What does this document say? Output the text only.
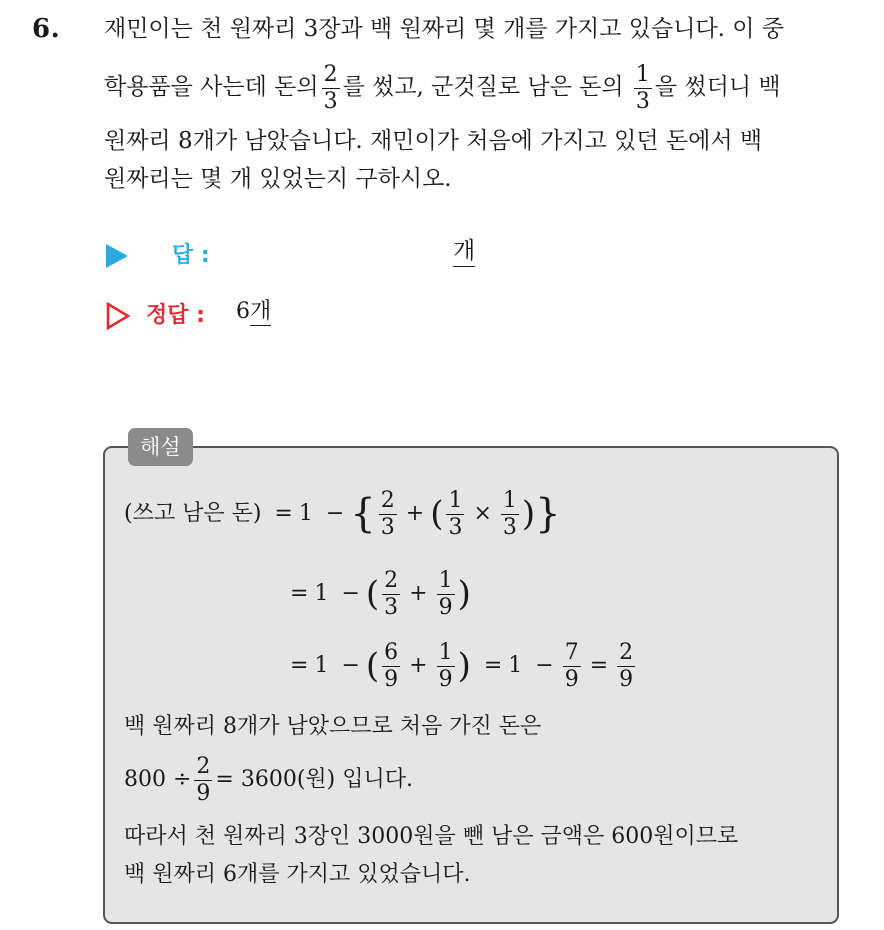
6. 재민이는 천 원짜리 3장과 백 원짜리 몇 개를 가지고 있습니다. 이 중
학용품을 사는데 돈의 $\frac{2}{3}$ 를 썼고, 군것질로 남은 돈의 $\frac{1}{3}$ 을 썼더니 백
원짜리 8개가 남았습니다. 재민이가 처음에 가지고 있던 돈에서 백
원짜리는 몇 개 있었는지 구하시오.
답 :	개
정답 : 6개
해설
(쓰고 남은 돈) = 1 − { $\frac{2}{3}$ + ( $\frac{1}{3} \times \frac{1}{3}$ )}
= 1 − ( $\frac{2}{3} + \frac{1}{9}$ )
= 1 − ( $\frac{6}{9} + \frac{1}{9}$ ) = $1 - \frac{7}{9} = \frac{2}{9}$
백 원짜리 8개가 남았으므로 처음 가진 돈은
$800 \div \frac{2}{9} = 3600$(원) 입니다.
따라서 천 원짜리 3장인 3000원을 뺀 남은 금액은 600원이므로
백 원짜리 6개를 가지고 있었습니다.
